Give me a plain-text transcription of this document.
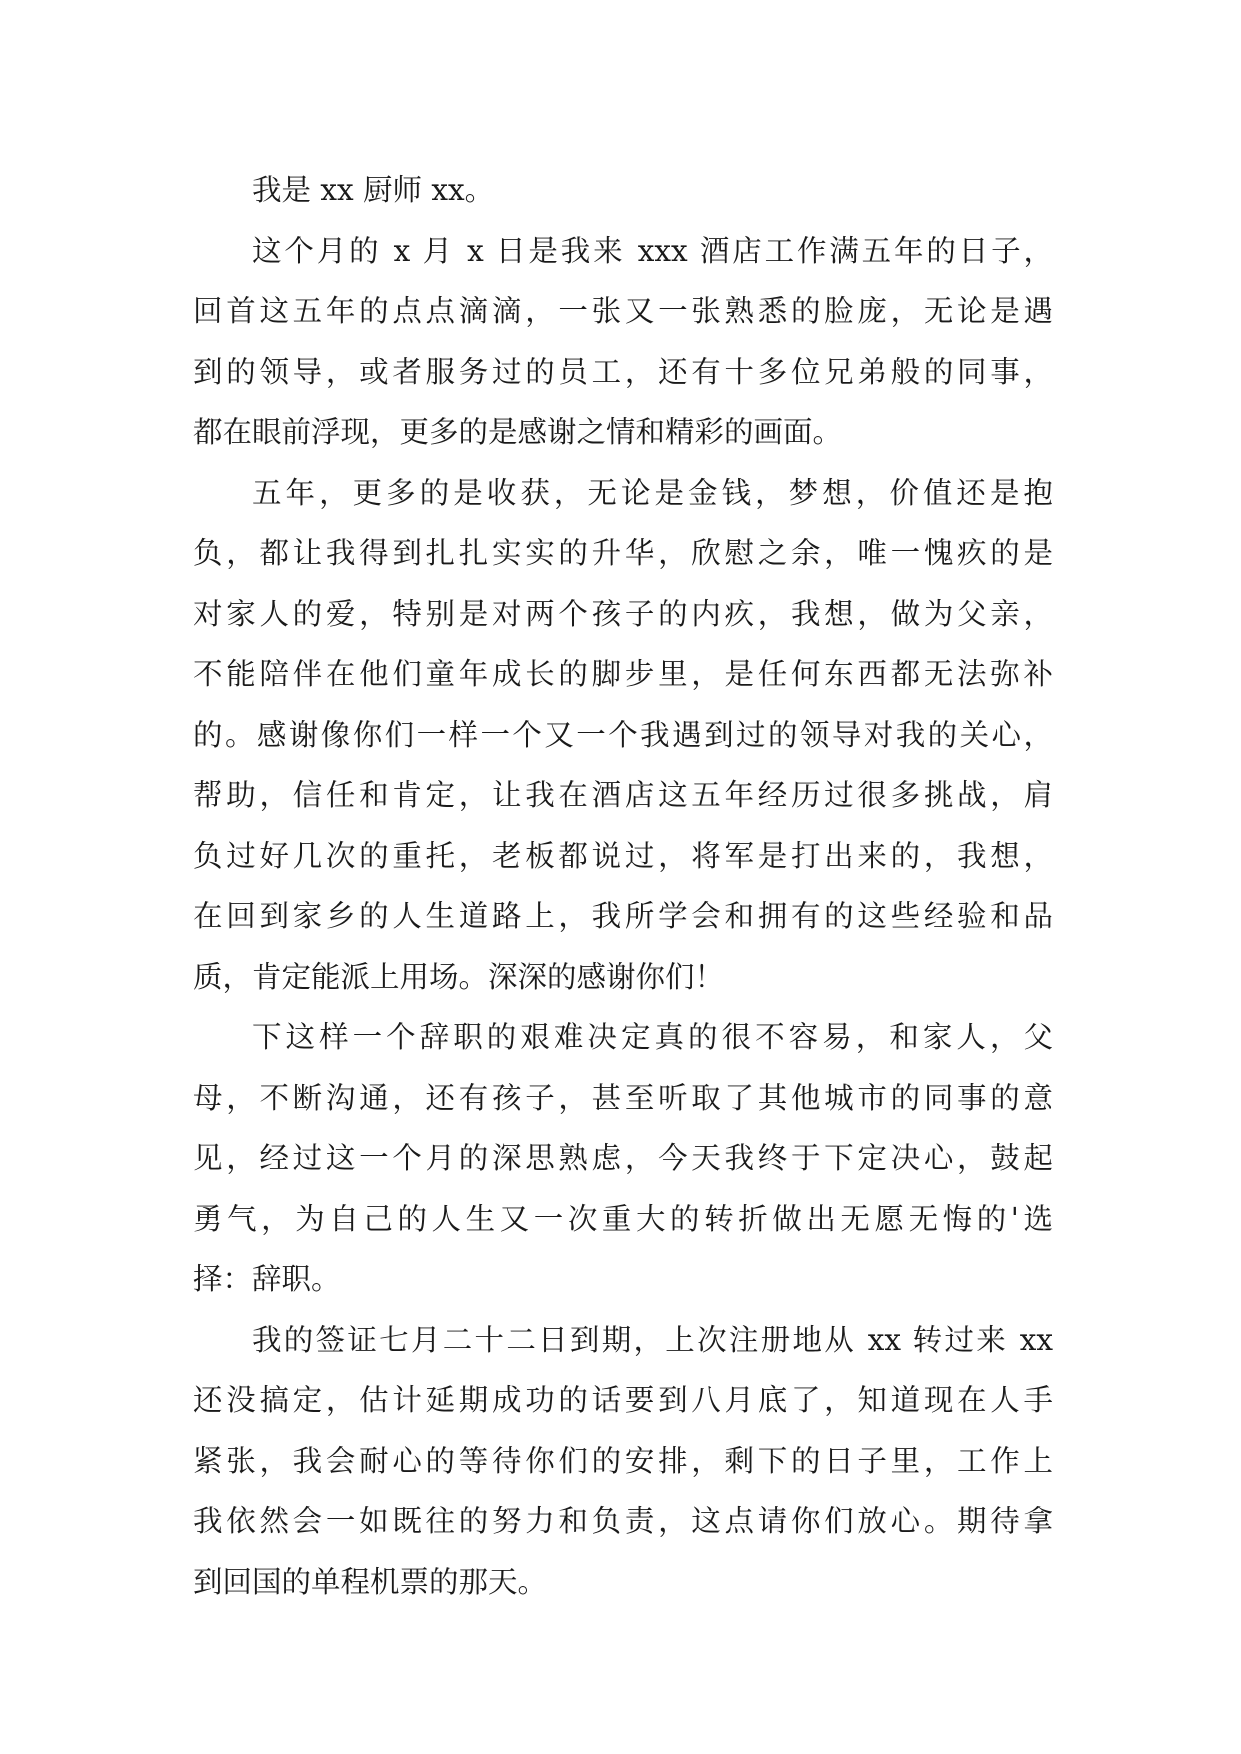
我是 xx 厨师 xx。

这个月的 x 月 x 日是我来 xxx 酒店工作满五年的日子，
回首这五年的点点滴滴，一张又一张熟悉的脸庞，无论是遇
到的领导，或者服务过的员工，还有十多位兄弟般的同事，
都在眼前浮现，更多的是感谢之情和精彩的画面。

五年，更多的是收获，无论是金钱，梦想，价值还是抱
负，都让我得到扎扎实实的升华，欣慰之余，唯一愧疚的是
对家人的爱，特别是对两个孩子的内疚，我想，做为父亲，
不能陪伴在他们童年成长的脚步里，是任何东西都无法弥补
的。感谢像你们一样一个又一个我遇到过的领导对我的关心，
帮助，信任和肯定，让我在酒店这五年经历过很多挑战，肩
负过好几次的重托，老板都说过，将军是打出来的，我想，
在回到家乡的人生道路上，我所学会和拥有的这些经验和品
质，肯定能派上用场。深深的感谢你们！

下这样一个辞职的艰难决定真的很不容易，和家人，父
母，不断沟通，还有孩子，甚至听取了其他城市的同事的意
见，经过这一个月的深思熟虑，今天我终于下定决心，鼓起
勇气，为自己的人生又一次重大的转折做出无愿无悔的'选
择：辞职。

我的签证七月二十二日到期，上次注册地从 xx 转过来 xx
还没搞定，估计延期成功的话要到八月底了，知道现在人手
紧张，我会耐心的等待你们的安排，剩下的日子里，工作上
我依然会一如既往的努力和负责，这点请你们放心。期待拿
到回国的单程机票的那天。
